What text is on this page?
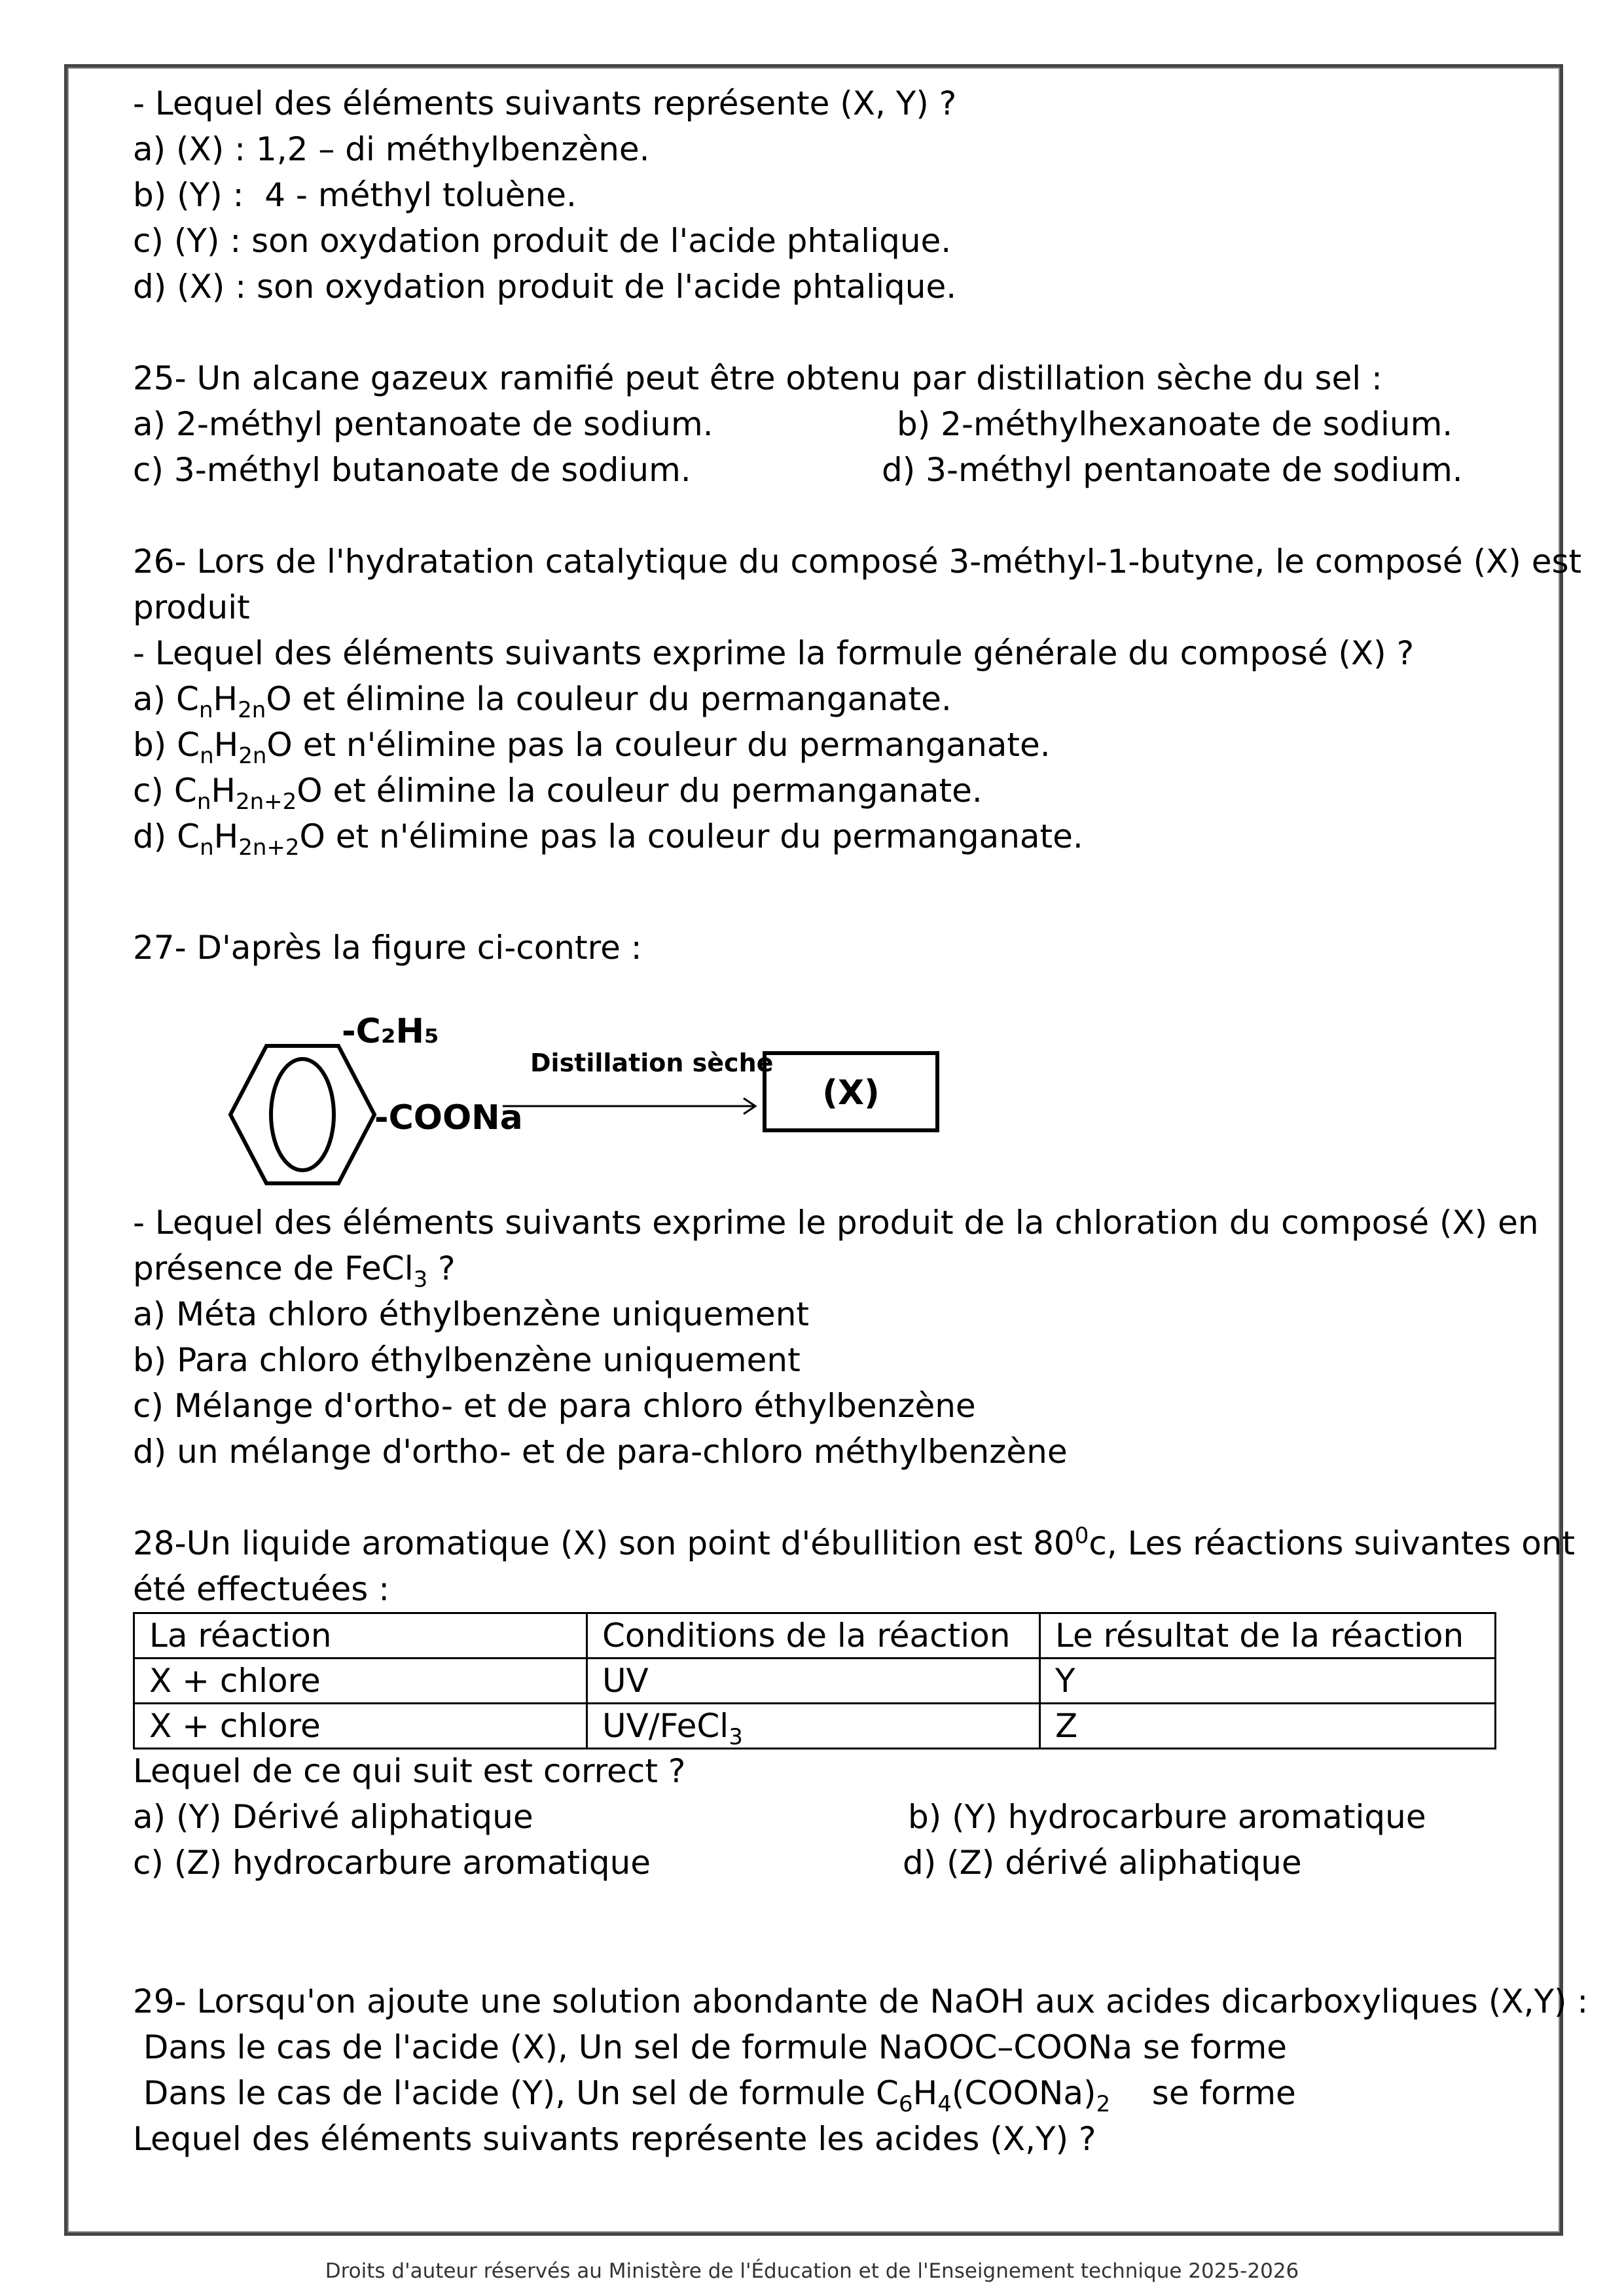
- Lequel des éléments suivants représente (X, Y) ?
a) (X) : 1,2 – di méthylbenzène.
b) (Y) :  4 - méthyl toluène.
c) (Y) : son oxydation produit de l'acide phtalique.
d) (X) : son oxydation produit de l'acide phtalique.
25- Un alcane gazeux ramifié peut être obtenu par distillation sèche du sel :
a) 2-méthyl pentanoate de sodium.	b) 2-méthylhexanoate de sodium.
c) 3-méthyl butanoate de sodium.	d) 3-méthyl pentanoate de sodium.
26- Lors de l'hydratation catalytique du composé 3-méthyl-1-butyne, le composé (X) est
produit
- Lequel des éléments suivants exprime la formule générale du composé (X) ?
a) $C_nH_{2n}O$ et élimine la couleur du permanganate.
b) $C_nH_{2n}O$ et n'élimine pas la couleur du permanganate.
c) $C_nH_{2n+2}O$ et élimine la couleur du permanganate.
d) $C_nH_{2n+2}O$ et n'élimine pas la couleur du permanganate.
27- D'après la figure ci-contre :
-C₂H₅
-COONa
Distillation sèche
(X)
- Lequel des éléments suivants exprime le produit de la chloration du composé (X) en
présence de FeCl$_3$ ?
a) Méta chloro éthylbenzène uniquement
b) Para chloro éthylbenzène uniquement
c) Mélange d'ortho- et de para chloro éthylbenzène
d) un mélange d'ortho- et de para-chloro méthylbenzène
28-Un liquide aromatique (X) son point d'ébullition est $80^0c$, Les réactions suivantes ont
été effectuées :
La réaction	Conditions de la réaction	Le résultat de la réaction
X + chlore	UV	Y
X + chlore	UV/FeCl$_3$	Z
Lequel de ce qui suit est correct ?
a) (Y) Dérivé aliphatique	b) (Y) hydrocarbure aromatique
c) (Z) hydrocarbure aromatique	d) (Z) dérivé aliphatique
29- Lorsqu'on ajoute une solution abondante de NaOH aux acides dicarboxyliques (X,Y) :
Dans le cas de l'acide (X), Un sel de formule NaOOC–COONa se forme
Dans le cas de l'acide (Y), Un sel de formule $C_6H_4(COONa)_2$    se forme
Lequel des éléments suivants représente les acides (X,Y) ?
Droits d'auteur réservés au Ministère de l'Éducation et de l'Enseignement technique 2025-2026
